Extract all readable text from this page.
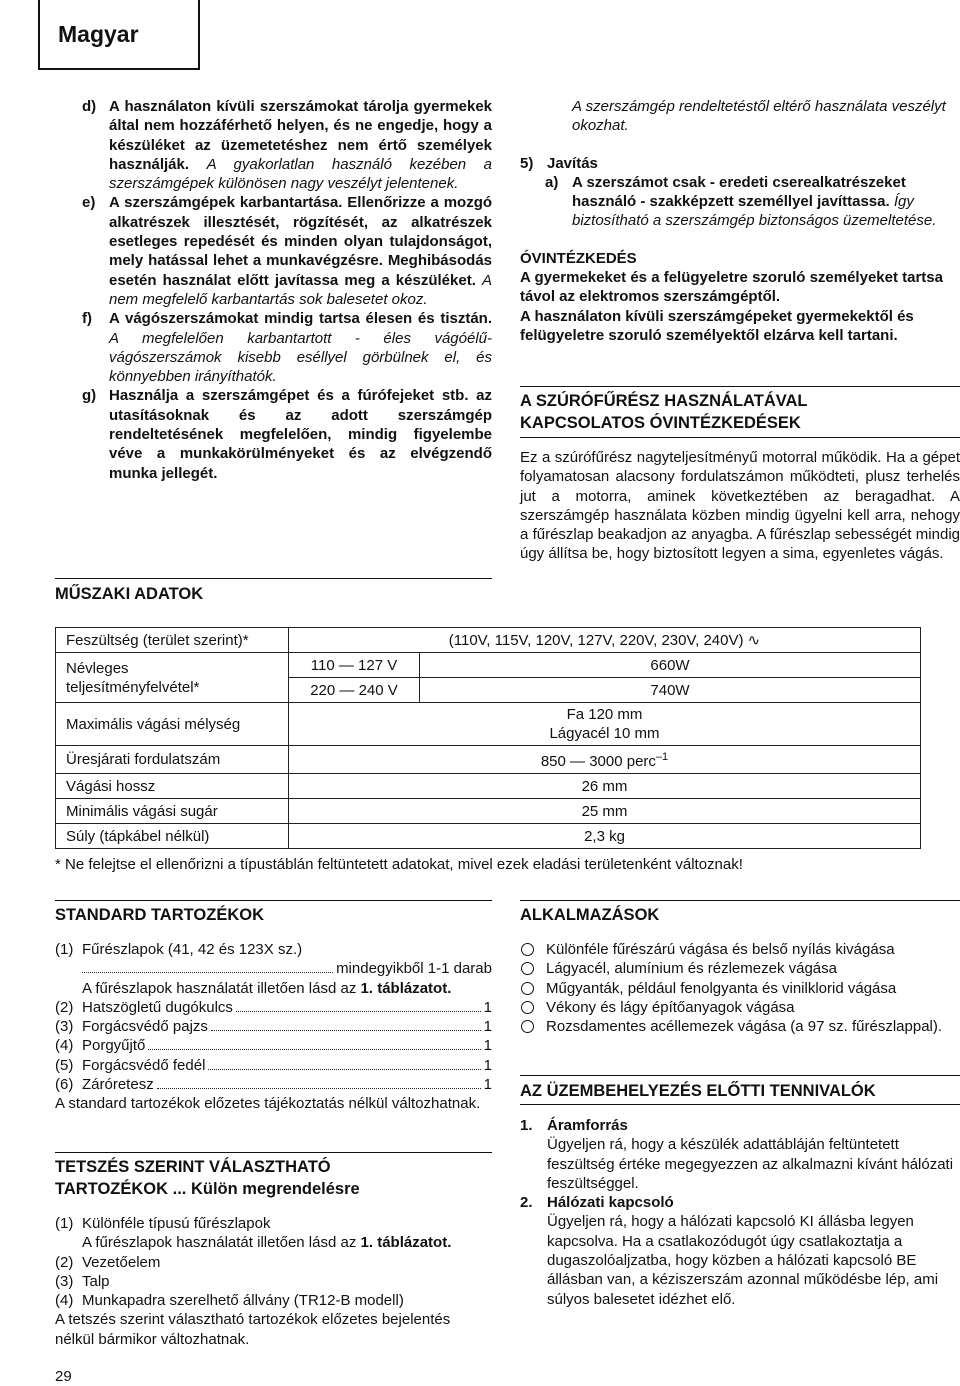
Magyar
d) A használaton kívüli szerszámokat tárolja gyermekek által nem hozzáférhető helyen, és ne engedje, hogy a készüléket az üzemetetéshez nem értő személyek használják. A gyakorlatlan használó kezében a szerszámgépek különösen nagy veszélyt jelentenek.
e) A szerszámgépek karbantartása. Ellenőrizze a mozgó alkatrészek illesztését, rögzítését, az alkatrészek esetleges repedését és minden olyan tulajdonságot, mely hatással lehet a munkavégzésre. Meghibásodás esetén használat előtt javítassa meg a készüléket. A nem megfelelő karbantartás sok balesetet okoz.
f) A vágószerszámokat mindig tartsa élesen és tisztán. A megfelelően karbantartott - éles vágóélű-vágószerszámok kisebb eséllyel görbülnek el, és könnyebben irányíthatók.
g) Használja a szerszámgépet és a fúrófejeket stb. az utasításoknak és az adott szerszámgép rendeltetésének megfelelően, mindig figyelembe véve a munkakörülményeket és az elvégzendő munka jellegét.
MŰSZAKI ADATOK
A szerszámgép rendeltetéstől eltérő használata veszélyt okozhat.
5) Javítás
a) A szerszámot csak - eredeti cserealkatrészeket használó - szakképzett személlyel javíttassa. Így biztosítható a szerszámgép biztonságos üzemeltetése.
ÓVINTÉZKEDÉS
A gyermekeket és a felügyeletre szoruló személyeket tartsa távol az elektromos szerszámgéptől.
A használaton kívüli szerszámgépeket gyermekektől és felügyeletre szoruló személyektől elzárva kell tartani.
A SZÚRÓFŰRÉSZ HASZNÁLATÁVAL
KAPCSOLATOS ÓVINTÉZKEDÉSEK
Ez a szúrófűrész nagyteljesítményű motorral működik. Ha a gépet folyamatosan alacsony fordulatszámon működteti, plusz terhelés jut a motorra, aminek következtében az beragadhat. A szerszámgép használata közben mindig ügyelni kell arra, nehogy a fűrészlap beakadjon az anyagba. A fűrészlap sebességét mindig úgy állítsa be, hogy biztosított legyen a sima, egyenletes vágás.
Feszültség (terület szerint)*	(110V, 115V, 120V, 127V, 220V, 230V, 240V) ∿	

Névleges
teljesítményfelvétel*	110 — 127 V	660W
	220 — 240 V	740W
Maximális vágási mélység	Fa 120 mm
Lágyacél 10 mm	

Üresjárati fordulatszám	850 — 3000 perc$^{-1}$
Vágási hossz	26 mm	
Minimális vágási sugár	25 mm	
Súly (tápkábel nélkül)	2,3 kg	
* Ne felejtse el ellenőrizni a típustáblán feltüntetett adatokat, mivel ezek eladási területenként változnak!
STANDARD TARTOZÉKOK
(1) Fűrészlapok (41, 42 és 123X sz.)
mindegyikből 1-1 darab
A fűrészlapok használatát illetően lásd az 1. táblázatot.
(2) Hatszögletű dugókulcs	1
(3) Forgácsvédő pajzs	1
(4) Porgyűjtő	1
(5) Forgácsvédő fedél	1
(6) Záróretesz	1
A standard tartozékok előzetes tájékoztatás nélkül változhatnak.
TETSZÉS SZERINT VÁLASZTHATÓ
TARTOZÉKOK ... Külön megrendelésre
(1) Különféle típusú fűrészlapok
A fűrészlapok használatát illetően lásd az 1. táblázatot.
(2) Vezetőelem
(3) Talp
(4) Munkapadra szerelhető állvány (TR12-B modell)
A tetszés szerint választható tartozékok előzetes bejelentés nélkül bármikor változhatnak.
ALKALMAZÁSOK
Különféle fűrészárú vágása és belső nyílás kivágása
Lágyacél, alumínium és rézlemezek vágása
Műgyanták, például fenolgyanta és vinilklorid vágása
Vékony és lágy építőanyagok vágása
Rozsdamentes acéllemezek vágása (a 97 sz. fűrészlappal).
AZ ÜZEMBEHELYEZÉS ELŐTTI TENNIVALÓK
1. Áramforrás
Ügyeljen rá, hogy a készülék adattábláján feltüntetett feszültség értéke megegyezzen az alkalmazni kívánt hálózati feszültséggel.
2. Hálózati kapcsoló
Ügyeljen rá, hogy a hálózati kapcsoló KI állásba legyen kapcsolva. Ha a csatlakozódugót úgy csatlakoztatja a dugaszolóaljzatba, hogy közben a hálózati kapcsoló BE állásban van, a kéziszerszám azonnal működésbe lép, ami súlyos balesetet idézhet elő.
29
